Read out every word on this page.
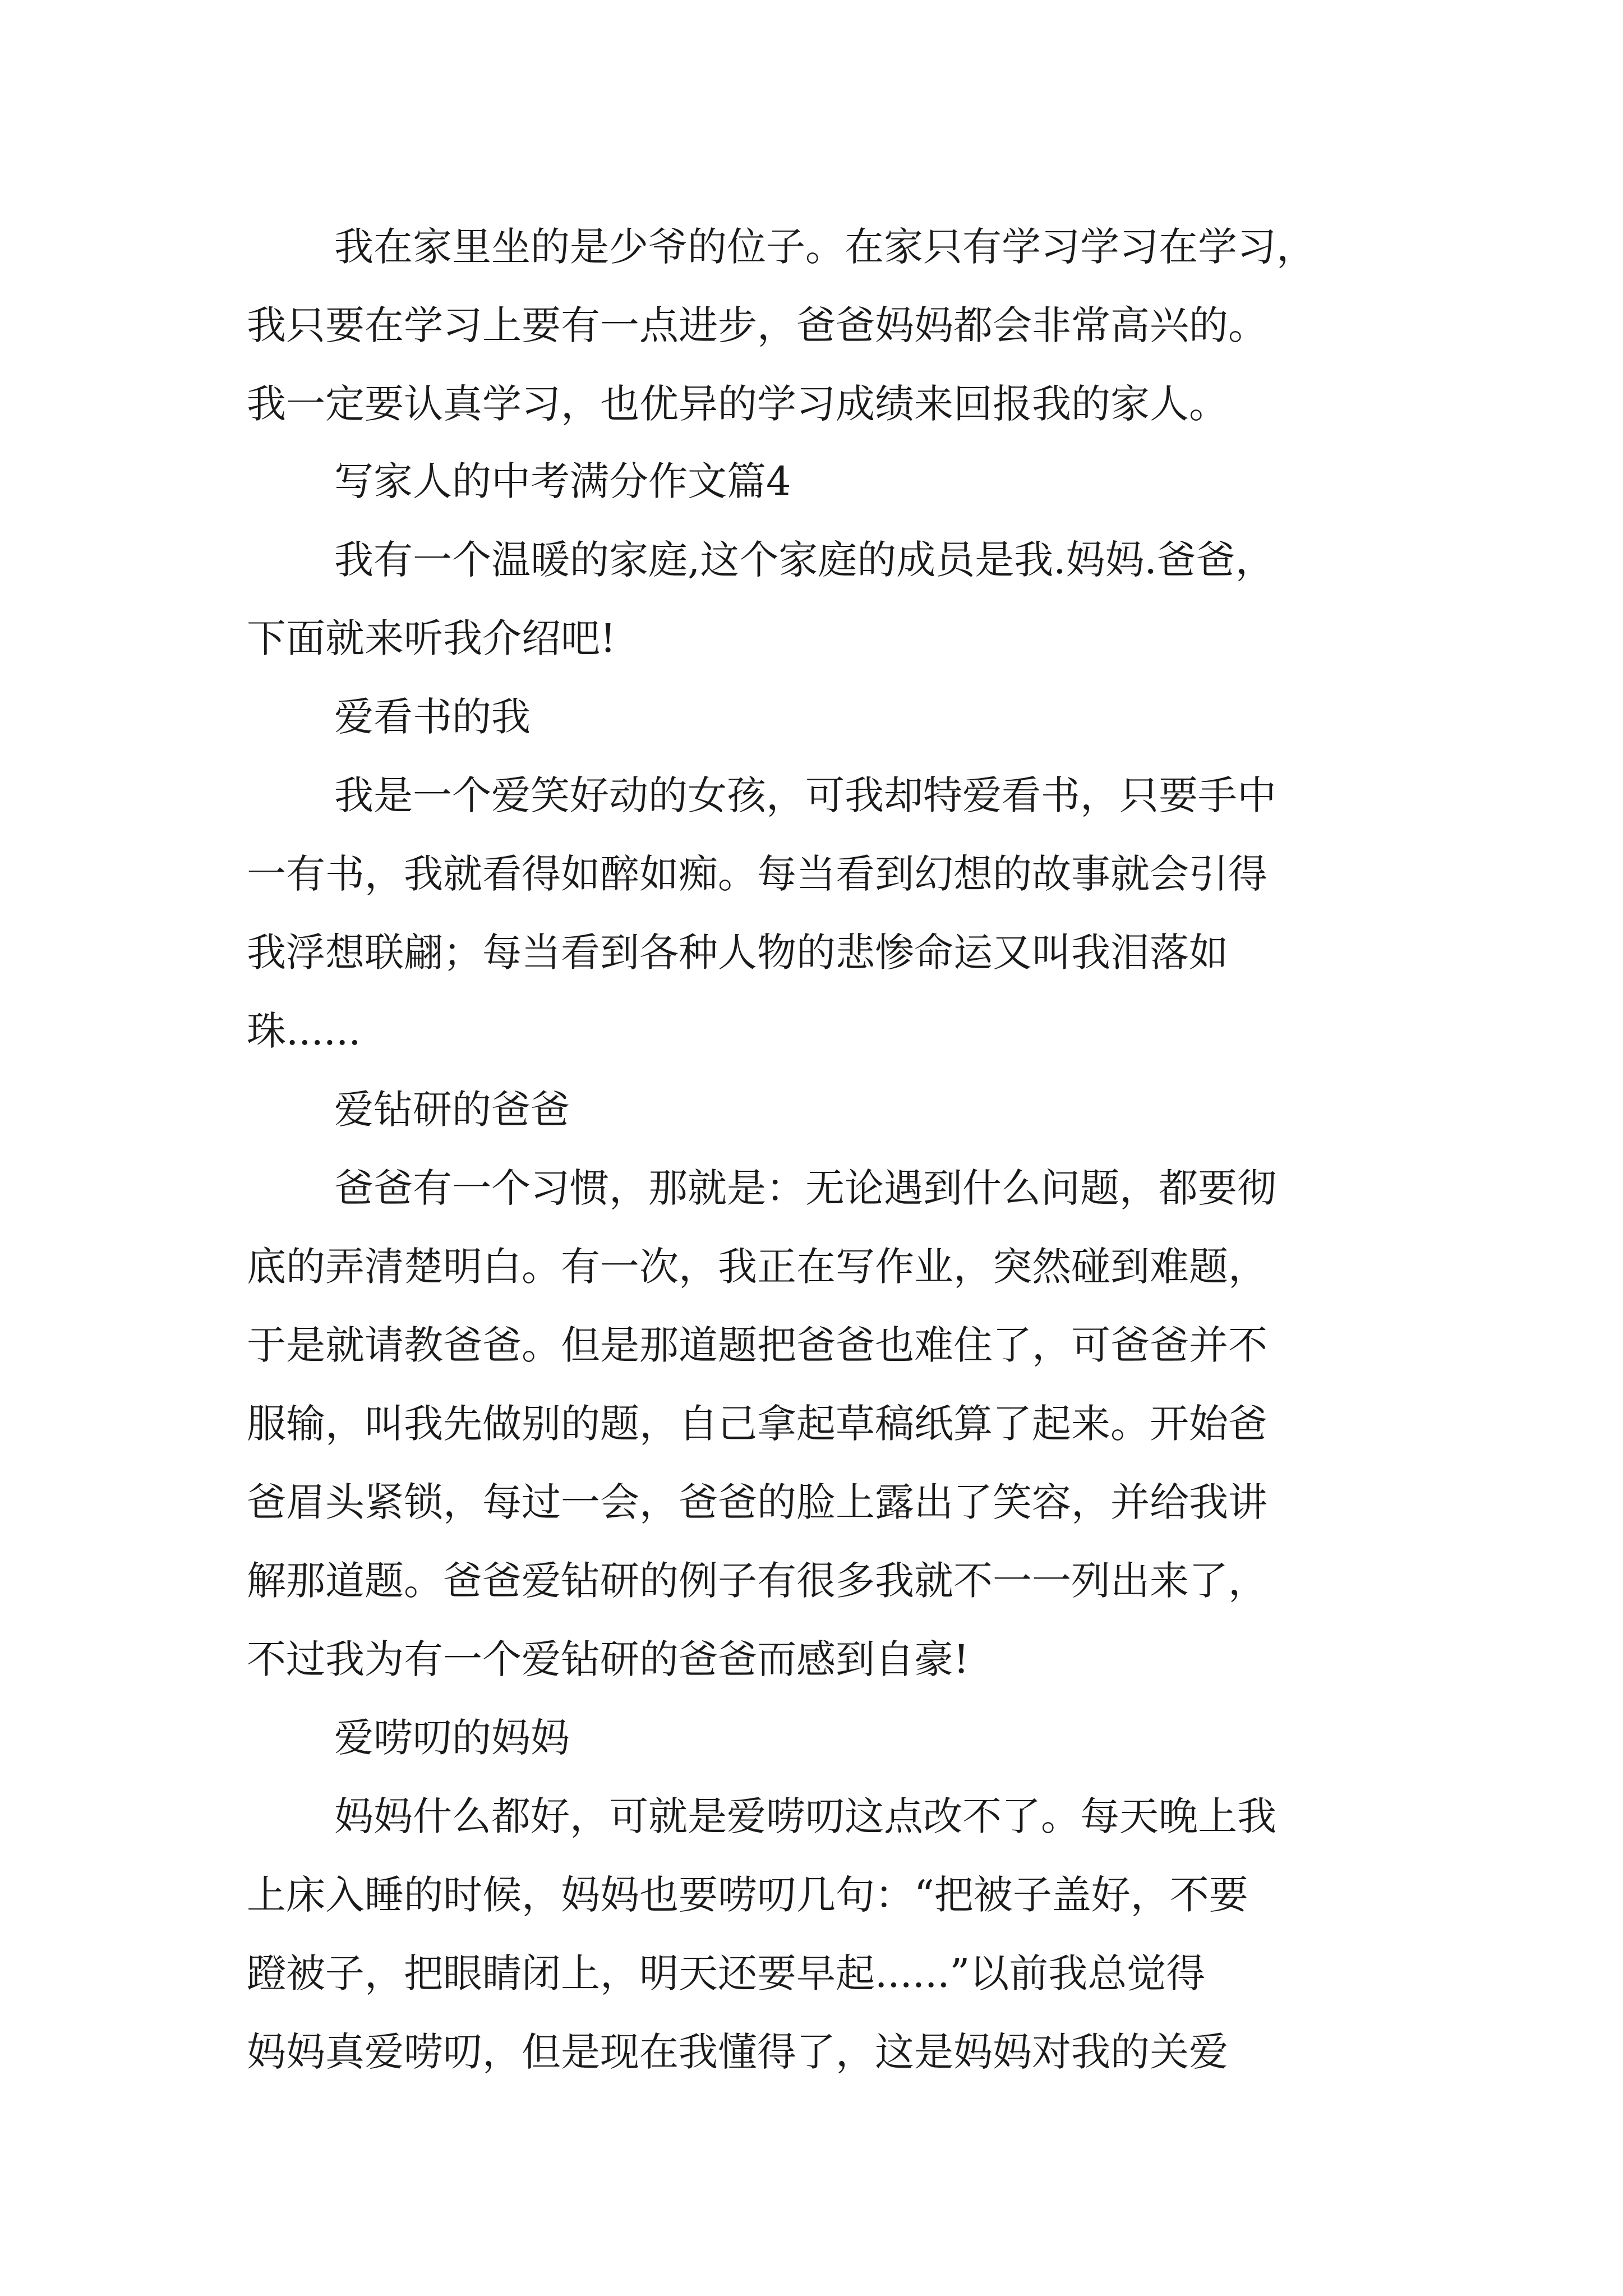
我在家里坐的是少爷的位子。在家只有学习学习在学习，

我只要在学习上要有一点进步，爸爸妈妈都会非常高兴的。

我一定要认真学习，也优异的学习成绩来回报我的家人。

写家人的中考满分作文篇4

我有一个温暖的家庭,这个家庭的成员是我.妈妈.爸爸，

下面就来听我介绍吧!

爱看书的我

我是一个爱笑好动的女孩，可我却特爱看书，只要手中

一有书，我就看得如醉如痴。每当看到幻想的故事就会引得

我浮想联翩；每当看到各种人物的悲惨命运又叫我泪落如

珠......

爱钻研的爸爸

爸爸有一个习惯，那就是：无论遇到什么问题，都要彻

底的弄清楚明白。有一次，我正在写作业，突然碰到难题，

于是就请教爸爸。但是那道题把爸爸也难住了，可爸爸并不

服输，叫我先做别的题，自己拿起草稿纸算了起来。开始爸

爸眉头紧锁，每过一会，爸爸的脸上露出了笑容，并给我讲

解那道题。爸爸爱钻研的例子有很多我就不一一列出来了，

不过我为有一个爱钻研的爸爸而感到自豪!

爱唠叨的妈妈

妈妈什么都好，可就是爱唠叨这点改不了。每天晚上我

上床入睡的时候，妈妈也要唠叨几句：“把被子盖好，不要

蹬被子，把眼睛闭上，明天还要早起......”以前我总觉得

妈妈真爱唠叨，但是现在我懂得了，这是妈妈对我的关爱
